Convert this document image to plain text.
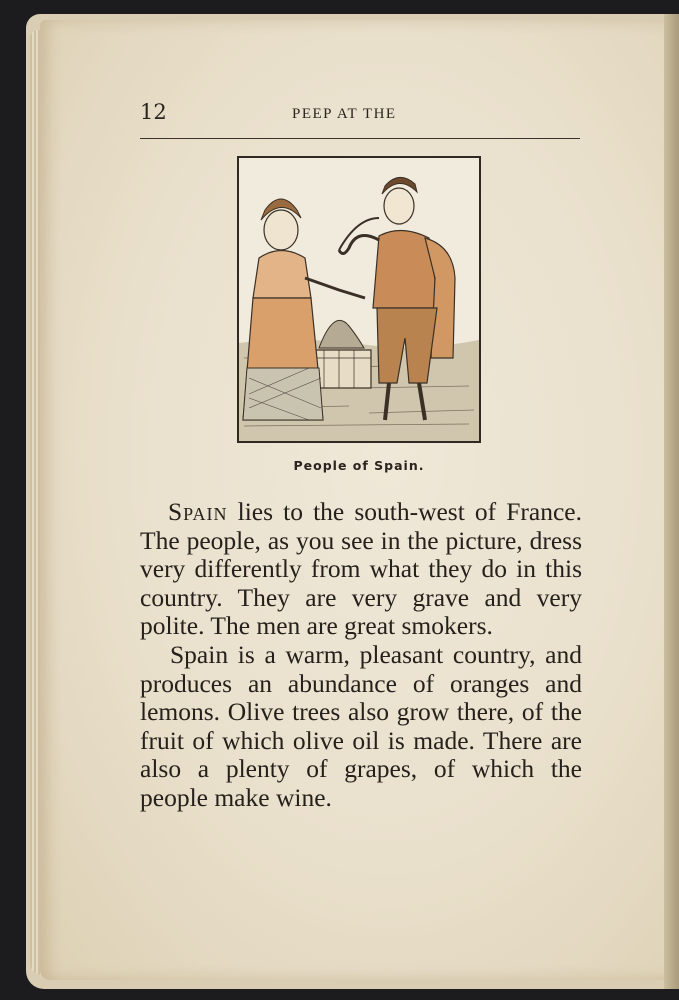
12	PEEP AT THE
People of Spain.

Spain lies to the south-west of France. The people, as you see in the picture, dress very differently from what they do in this country. They are very grave and very polite. The men are great smokers.

Spain is a warm, pleasant country, and produces an abundance of oranges and lemons. Olive trees also grow there, of the fruit of which olive oil is made. There are also a plenty of grapes, of which the people make wine.
